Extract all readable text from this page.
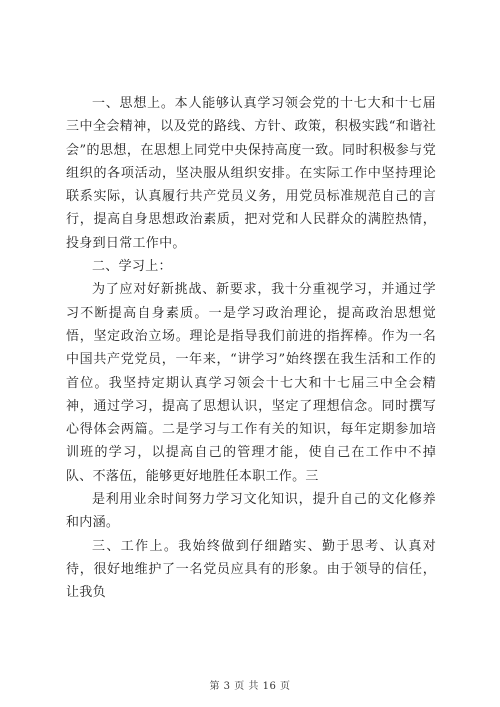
一、思想上。本人能够认真学习领会党的十七大和十七届三中全会精神，以及党的路线、方针、政策，积极实践“和谐社会”的思想，在思想上同党中央保持高度一致。同时积极参与党组织的各项活动，坚决服从组织安排。在实际工作中坚持理论联系实际，认真履行共产党员义务，用党员标准规范自己的言行，提高自身思想政治素质，把对党和人民群众的满腔热情，投身到日常工作中。

二、学习上：

为了应对好新挑战、新要求，我十分重视学习，并通过学习不断提高自身素质。一是学习政治理论，提高政治思想觉悟，坚定政治立场。理论是指导我们前进的指挥棒。作为一名中国共产党党员，一年来，“讲学习”始终摆在我生活和工作的首位。我坚持定期认真学习领会十七大和十七届三中全会精神，通过学习，提高了思想认识，坚定了理想信念。同时撰写心得体会两篇。二是学习与工作有关的知识，每年定期参加培训班的学习，以提高自己的管理才能，使自己在工作中不掉队、不落伍，能够更好地胜任本职工作。三

是利用业余时间努力学习文化知识，提升自己的文化修养和内涵。

三、工作上。我始终做到仔细踏实、勤于思考、认真对待，很好地维护了一名党员应具有的形象。由于领导的信任，让我负

第 3 页 共 16 页
